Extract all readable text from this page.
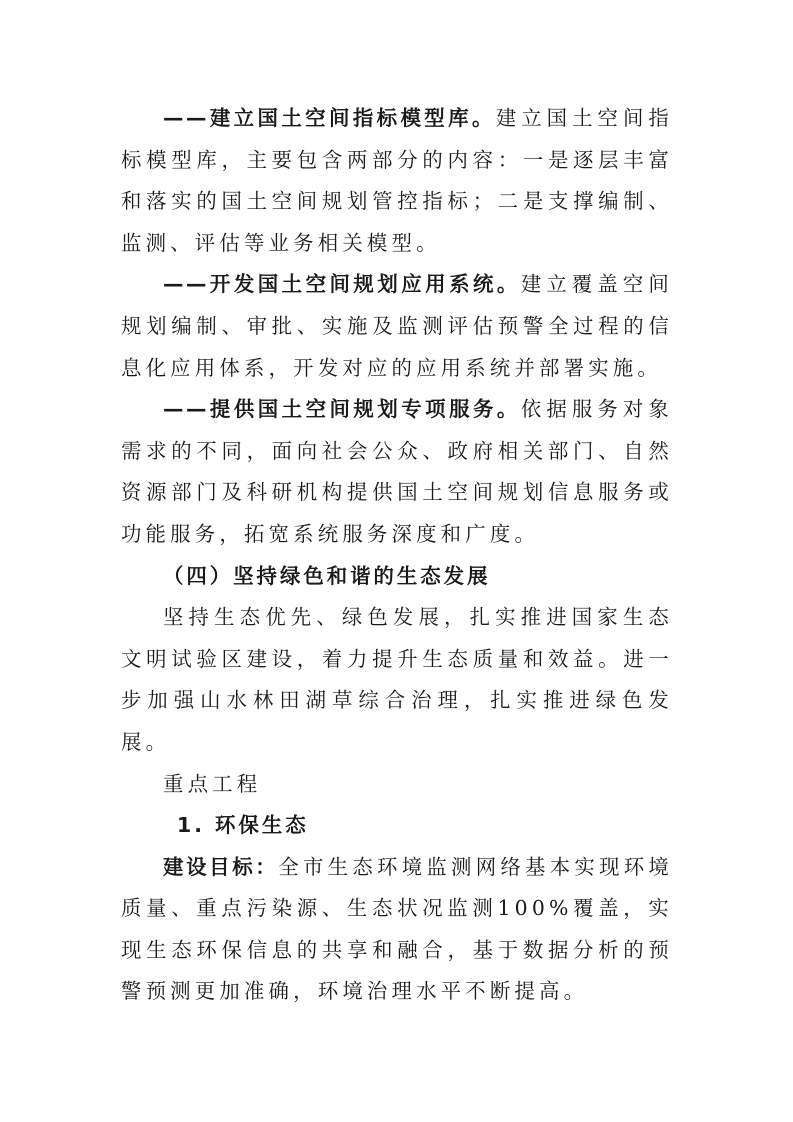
——建立国土空间指标模型库。建立国土空间指标模型库，主要包含两部分的内容：一是逐层丰富和落实的国土空间规划管控指标；二是支撑编制、监测、评估等业务相关模型。

——开发国土空间规划应用系统。建立覆盖空间规划编制、审批、实施及监测评估预警全过程的信息化应用体系，开发对应的应用系统并部署实施。

——提供国土空间规划专项服务。依据服务对象需求的不同，面向社会公众、政府相关部门、自然资源部门及科研机构提供国土空间规划信息服务或功能服务，拓宽系统服务深度和广度。

（四）坚持绿色和谐的生态发展

坚持生态优先、绿色发展，扎实推进国家生态文明试验区建设，着力提升生态质量和效益。进一步加强山水林田湖草综合治理，扎实推进绿色发展。

重点工程

1. 环保生态

建设目标：全市生态环境监测网络基本实现环境质量、重点污染源、生态状况监测100%覆盖，实现生态环保信息的共享和融合，基于数据分析的预警预测更加准确，环境治理水平不断提高。
